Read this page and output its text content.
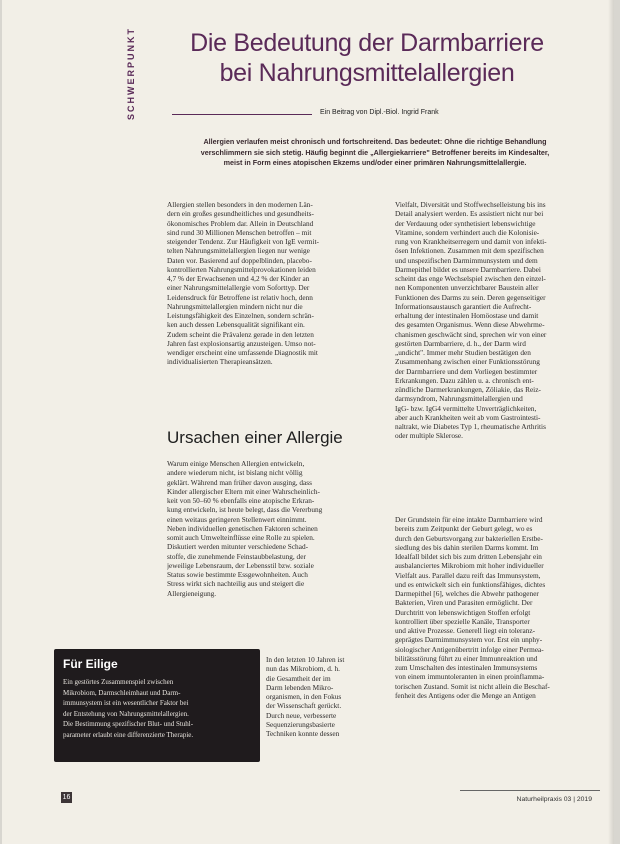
SCHWERPUNKT	Die Bedeutung der Darmbarriere
bei Nahrungsmittelallergien
Ein Beitrag von Dipl.-Biol. Ingrid Frank
Allergien verlaufen meist chronisch und fortschreitend. Das bedeutet: Ohne die richtige Behandlung
verschlimmern sie sich stetig. Häufig beginnt die „Allergiekarriere" Betroffener bereits im Kindesalter,
meist in Form eines atopischen Ekzems und/oder einer primären Nahrungsmittelallergie.
Allergien stellen besonders in den modernen Län-
dern ein großes gesundheitliches und gesundheits-
ökonomisches Problem dar. Allein in Deutschland
sind rund 30 Millionen Menschen betroffen – mit
steigender Tendenz. Zur Häufigkeit von IgE vermit-
telten Nahrungsmittelallergien liegen nur wenige
Daten vor. Basierend auf doppelblinden, placebo-
kontrollierten Nahrungsmittelprovokationen leiden
4,7 % der Erwachsenen und 4,2 % der Kinder an
einer Nahrungsmittelallergie vom Soforttyp. Der
Leidensdruck für Betroffene ist relativ hoch, denn
Nahrungsmittelallergien mindern nicht nur die
Leistungsfähigkeit des Einzelnen, sondern schrän-
ken auch dessen Lebensqualität signifikant ein.
Zudem scheint die Prävalenz gerade in den letzten
Jahren fast explosionsartig anzusteigen. Umso not-
wendiger erscheint eine umfassende Diagnostik mit
individualisierten Therapieansätzen.
Ursachen einer Allergie
Warum einige Menschen Allergien entwickeln,
andere wiederum nicht, ist bislang nicht völlig
geklärt. Während man früher davon ausging, dass
Kinder allergischer Eltern mit einer Wahrscheinlich-
keit von 50–60 % ebenfalls eine atopische Erkran-
kung entwickeln, ist heute belegt, dass die Vererbung
einen weitaus geringeren Stellenwert einnimmt.
Neben individuellen genetischen Faktoren scheinen
somit auch Umwelteinflüsse eine Rolle zu spielen.
Diskutiert werden mitunter verschiedene Schad-
stoffe, die zunehmende Feinstaubbelastung, der
jeweilige Lebensraum, der Lebensstil bzw. soziale
Status sowie bestimmte Essgewohnheiten. Auch
Stress wirkt sich nachteilig aus und steigert die
Allergieneigung.
In den letzten 10 Jahren ist
nun das Mikrobiom, d. h.
die Gesamtheit der im
Darm lebenden Mikro-
organismen, in den Fokus
der Wissenschaft gerückt.
Durch neue, verbesserte
Sequenzierungsbasierte
Techniken konnte dessen
Vielfalt, Diversität und Stoffwechselleistung bis ins
Detail analysiert werden. Es assistiert nicht nur bei
der Verdauung oder synthetisiert lebenswichtige
Vitamine, sondern verhindert auch die Kolonisie-
rung von Krankheitserregern und damit von infekti-
ösen Infektionen. Zusammen mit dem spezifischen
und unspezifischen Darmimmunsystem und dem
Darmepithel bildet es unsere Darmbarriere. Dabei
scheint das enge Wechselspiel zwischen den einzel-
nen Komponenten unverzichtbarer Baustein aller
Funktionen des Darms zu sein. Deren gegenseitiger
Informationsaustausch garantiert die Aufrecht-
erhaltung der intestinalen Homöostase und damit
des gesamten Organismus. Wenn diese Abwehrme-
chanismen geschwächt sind, sprechen wir von einer
gestörten Darmbarriere, d. h., der Darm wird
„undicht". Immer mehr Studien bestätigen den
Zusammenhang zwischen einer Funktionsstörung
der Darmbarriere und dem Vorliegen bestimmter
Erkrankungen. Dazu zählen u. a. chronisch ent-
zündliche Darmerkrankungen, Zöliakie, das Reiz-
darmsyndrom, Nahrungsmittelallergien und
IgG- bzw. IgG4 vermittelte Unverträglichkeiten,
aber auch Krankheiten weit ab vom Gastrointesti-
naltrakt, wie Diabetes Typ 1, rheumatische Arthritis
oder multiple Sklerose.
Der Grundstein für eine intakte Darmbarriere wird
bereits zum Zeitpunkt der Geburt gelegt, wo es
durch den Geburtsvorgang zur bakteriellen Erstbe-
siedlung des bis dahin sterilen Darms kommt. Im
Idealfall bildet sich bis zum dritten Lebensjahr ein
ausbalanciertes Mikrobiom mit hoher individueller
Vielfalt aus. Parallel dazu reift das Immunsystem,
und es entwickelt sich ein funktionsfähiges, dichtes
Darmepithel [6], welches die Abwehr pathogener
Bakterien, Viren und Parasiten ermöglicht. Der
Durchtritt von lebenswichtigen Stoffen erfolgt
kontrolliert über spezielle Kanäle, Transporter
und aktive Prozesse. Generell liegt ein toleranz-
geprägtes Darmimmunsystem vor. Erst ein unphy-
siologischer Antigenübertritt infolge einer Permea-
bilitätsstörung führt zu einer Immunreaktion und
zum Umschalten des intestinalen Immunsystems
von einem immuntoleranten in einen proinflamma-
torischen Zustand. Somit ist nicht allein die Beschaf-
fenheit des Antigens oder die Menge an Antigen
Für Eilige
Ein gestörtes Zusammenspiel zwischen
Mikrobiom, Darmschleimhaut und Darm-
immunsystem ist ein wesentlicher Faktor bei
der Entstehung von Nahrungsmittelallergien.
Die Bestimmung spezifischer Blut- und Stuhl-
parameter erlaubt eine differenzierte Therapie.
16	Naturheilpraxis 03 | 2019
